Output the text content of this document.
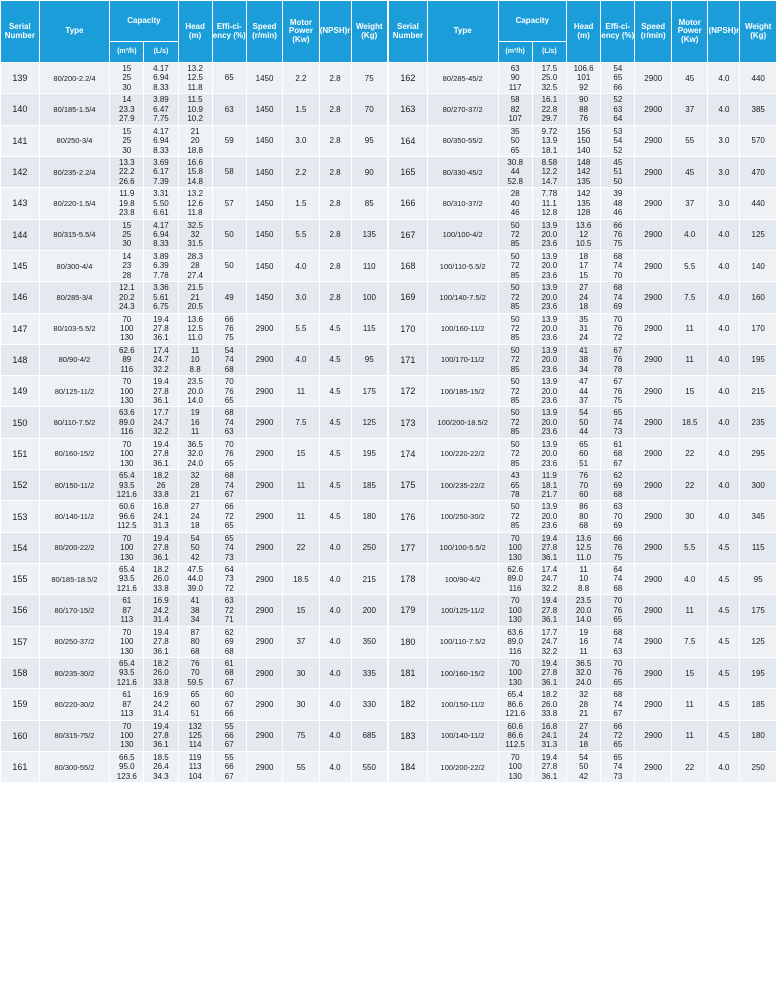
Serial Number	Type	Capacity		Head (m)	Effi-ci-ency (%)	Speed (r/min)	Motor Power (Kw)	(NPSH)r	Weight (Kg)
		(m³/h)	(L/s)						
139	80/200-2.2/4	15
25
30	4.17
6.94
8.33	13.2
12.5
11.8	65	1450	2.2	2.8	75
140	80/185-1.5/4	14
23.3
27.9	3.89
6.47
7.75	11.5
10.9
10.2	63	1450	1.5	2.8	70
141	80/250-3/4	15
25
30	4.17
6.94
8.33	21
20
18.8	59	1450	3.0	2.8	95
142	80/235-2.2/4	13.3
22.2
26.6	3.69
6.17
7.39	16.6
15.8
14.8	58	1450	2.2	2.8	90
143	80/220-1.5/4	11.9
19.8
23.8	3.31
5.50
6.61	13.2
12.6
11.8	57	1450	1.5	2.8	85
144	80/315-5.5/4	15
25
30	4.17
6.94
8.33	32.5
32
31.5	50	1450	5.5	2.8	135
145	80/300-4/4	14
23
28	3.89
6.39
7.78	28.3
28
27.4	50	1450	4.0	2.8	110
146	80/285-3/4	12.1
20.2
24.3	3.36
5.61
6.75	21.5
21
20.5	49	1450	3.0	2.8	100
147	80/103-5.5/2	70
100
130	19.4
27.8
36.1	13.6
12.5
11.0	66
76
75	2900	5.5	4.5	115
148	80/90-4/2	62.6
89
116	17.4
24.7
32.2	11
10
8.8	54
74
68	2900	4.0	4.5	95
149	80/125-11/2	70
100
130	19.4
27.8
36.1	23.5
20.0
14.0	70
76
65	2900	11	4.5	175
150	80/110-7.5/2	63.6
89.0
116	17.7
24.7
32.2	19
16
11	68
74
63	2900	7.5	4.5	125
151	80/160-15/2	70
100
130	19.4
27.8
36.1	36.5
32.0
24.0	70
76
65	2900	15	4.5	195
152	80/150-11/2	65.4
93.5
121.6	18.2
26
33.8	32
28
21	68
74
67	2900	11	4.5	185
153	80/140-11/2	60.6
96.6
112.5	16.8
24.1
31.3	27
24
18	66
72
65	2900	11	4.5	180
154	80/200-22/2	70
100
130	19.4
27.8
36.1	54
50
42	65
74
73	2900	22	4.0	250
155	80/185-18.5/2	65.4
93.5
121.6	18.2
26.0
33.8	47.5
44.0
39.0	64
73
72	2900	18.5	4.0	215
156	80/170-15/2	61
87
113	16.9
24.2
31.4	41
38
34	63
72
71	2900	15	4.0	200
157	80/250-37/2	70
100
130	19.4
27.8
36.1	87
80
68	62
69
68	2900	37	4.0	350
158	80/235-30/2	65.4
93.5
121.6	18.2
26.0
33.8	76
70
59.5	61
68
67	2900	30	4.0	335
159	80/220-30/2	61
87
113	16.9
24.2
31.4	65
60
51	60
67
66	2900	30	4.0	330
160	80/315-75/2	70
100
130	19.4
27.8
36.1	132
125
114	55
66
67	2900	75	4.0	685
161	80/300-55/2	66.5
95.0
123.6	18.5
26.4
34.3	119
113
104	55
66
67	2900	55	4.0	550
Serial Number	Type	Capacity		Head (m)	Effi-ci-ency (%)	Speed (r/min)	Motor Power (Kw)	(NPSH)r	Weight (Kg)
		(m³/h)	(L/s)						
162	80/285-45/2	63
90
117	17.5
25.0
32.5	106.6
101
92	54
65
66	2900	45	4.0	440
163	80/270-37/2	58
82
107	16.1
22.8
29.7	90
88
76	52
63
64	2900	37	4.0	385
164	80/350-55/2	35
50
65	9.72
13.9
18.1	156
150
140	53
54
52	2900	55	3.0	570
165	80/330-45/2	30.8
44
52.8	8.58
12.2
14.7	148
142
135	45
51
50	2900	45	3.0	470
166	80/310-37/2	28
40
46	7.78
11.1
12.8	142
135
128	39
48
46	2900	37	3.0	440
167	100/100-4/2	50
72
85	13.9
20.0
23.6	13.6
12
10.5	66
76
75	2900	4.0	4.0	125
168	100/110-5.5/2	50
72
85	13.9
20.0
23.6	18
17
15	68
74
70	2900	5.5	4.0	140
169	100/140-7.5/2	50
72
85	13.9
20.0
23.6	27
24
18	68
74
69	2900	7.5	4.0	160
170	100/160-11/2	50
72
85	13.9
20.0
23.6	35
31
24	70
76
72	2900	11	4.0	170
171	100/170-11/2	50
72
85	13.9
20.0
23.6	41
38
34	67
76
78	2900	11	4.0	195
172	100/185-15/2	50
72
85	13.9
20.0
23.6	47
44
37	67
76
75	2900	15	4.0	215
173	100/200-18.5/2	50
72
85	13.9
20.0
23.6	54
50
44	65
74
73	2900	18.5	4.0	235
174	100/220-22/2	50
72
85	13.9
20.0
23.6	65
60
51	61
68
67	2900	22	4.0	295
175	100/235-22/2	43
65
78	11.9
18.1
21.7	76
70
60	62
69
68	2900	22	4.0	300
176	100/250-30/2	50
72
85	13.9
20.0
23.6	86
80
68	63
70
69	2900	30	4.0	345
177	100/100-5.5/2	70
100
130	19.4
27.8
36.1	13.6
12.5
11.0	66
76
75	2900	5.5	4.5	115
178	100/90-4/2	62.6
89.0
116	17.4
24.7
32.2	11
10
8.8	64
74
68	2900	4.0	4.5	95
179	100/125-11/2	70
100
130	19.4
27.8
36.1	23.5
20.0
14.0	70
76
65	2900	11	4.5	175
180	100/110-7.5/2	63.6
89.0
116	17.7
24.7
32.2	19
16
11	68
74
63	2900	7.5	4.5	125
181	100/160-15/2	70
100
130	19.4
27.8
36.1	36.5
32.0
24.0	70
76
65	2900	15	4.5	195
182	100/150-11/2	65.4
86.6
121.6	18.2
26.0
33.8	32
28
21	68
74
67	2900	11	4.5	185
183	100/140-11/2	60.6
86.6
112.5	16.8
24.1
31.3	27
24
18	66
72
65	2900	11	4.5	180
184	100/200-22/2	70
100
130	19.4
27.8
36.1	54
50
42	65
74
73	2900	22	4.0	250
